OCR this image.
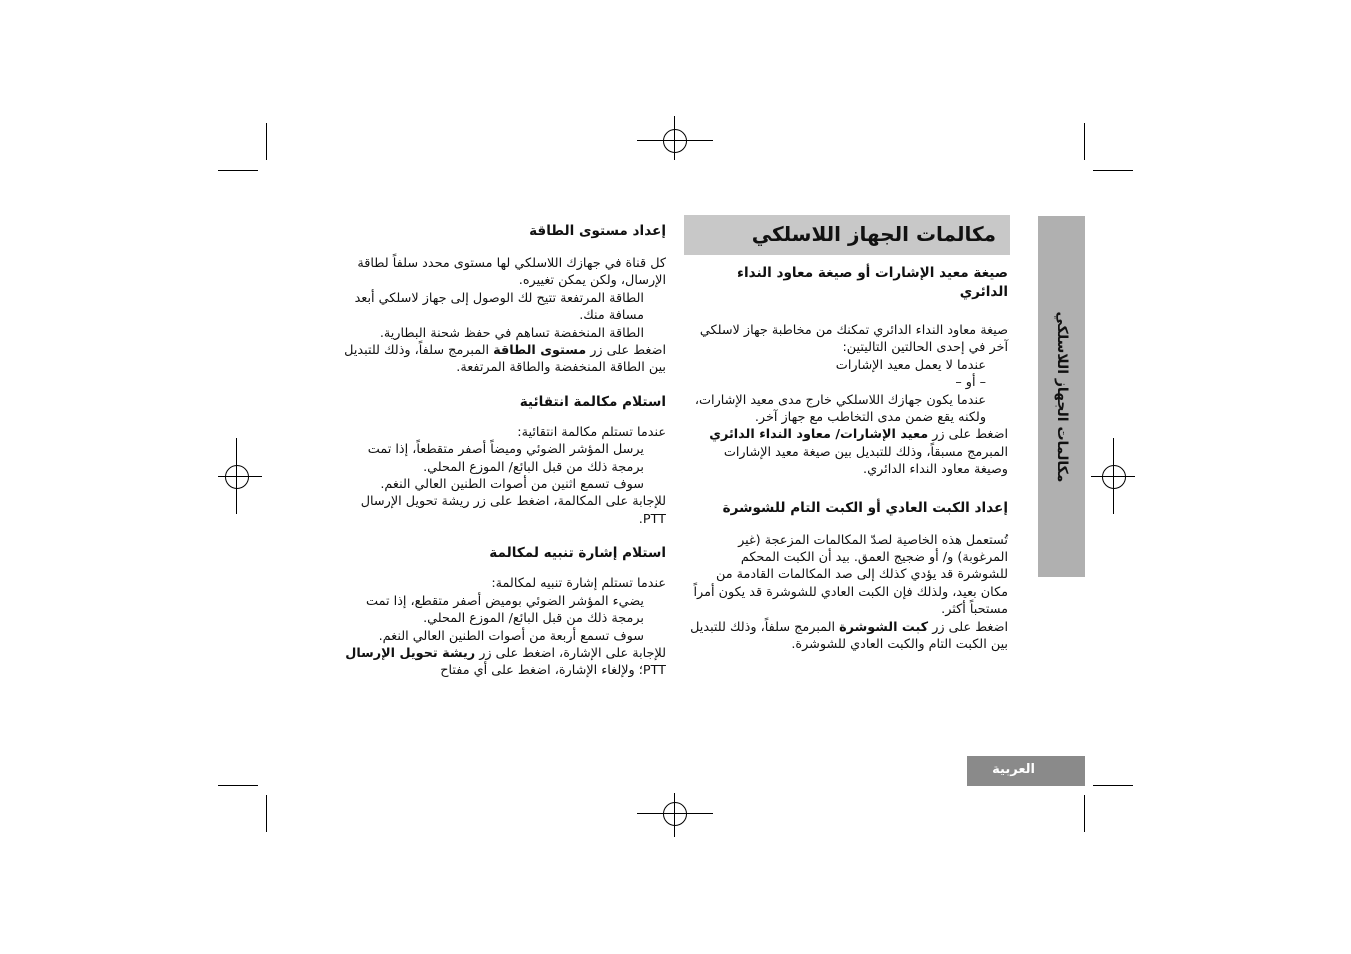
مكالمات الجهاز اللاسلكي
مكالمات الجهاز اللاسلكي
العربية
صيغة معيد الإشارات أو صيغة معاود النداء الدائري

صيغة معاود النداء الدائري تمكنك من مخاطبة جهاز لاسلكي آخر في إحدى الحالتين التاليتين:

عندما لا يعمل معيد الإشارات

– أو –

عندما يكون جهازك اللاسلكي خارج مدى معيد الإشارات، ولكنه يقع ضمن مدى التخاطب مع جهاز آخر.

اضغط على زر معيد الإشارات/ معاود النداء الدائري المبرمج مسبقاً، وذلك للتبديل بين صيغة معيد الإشارات وصيغة معاود النداء الدائري.

إعداد الكبت العادي أو الكبت التام للشوشرة

تُستعمل هذه الخاصية لصدّ المكالمات المزعجة (غير المرغوبة) و/ أو ضجيج العمق. بيد أن الكبت المحكم للشوشرة قد يؤدي كذلك إلى صد المكالمات القادمة من مكان بعيد، ولذلك فإن الكبت العادي للشوشرة قد يكون أمراً مستحباً أكثر.

اضغط على زر كبت الشوشرة المبرمج سلفاً، وذلك للتبديل بين الكبت التام والكبت العادي للشوشرة.

إعداد مستوى الطاقة

كل قناة في جهازك اللاسلكي لها مستوى محدد سلفاً لطاقة الإرسال، ولكن يمكن تغييره.

الطاقة المرتفعة تتيح لك الوصول إلى جهاز لاسلكي أبعد مسافة منك.

الطاقة المنخفضة تساهم في حفظ شحنة البطارية.

اضغط على زر مستوى الطاقة المبرمج سلفاً، وذلك للتبديل بين الطاقة المنخفضة والطاقة المرتفعة.

استلام مكالمة انتقائية

عندما تستلم مكالمة انتقائية:

يرسل المؤشر الضوئي وميضاً أصفر متقطعاً، إذا تمت برمجة ذلك من قبل البائع/ الموزع المحلي.

سوف تسمع اثنين من أصوات الطنين العالي النغم.

للإجابة على المكالمة، اضغط على زر ريشة تحويل الإرسال PTT.

استلام إشارة تنبيه لمكالمة

عندما تستلم إشارة تنبيه لمكالمة:

يضيء المؤشر الضوئي بوميض أصفر متقطع، إذا تمت برمجة ذلك من قبل البائع/ الموزع المحلي.

سوف تسمع أربعة من أصوات الطنين العالي النغم.

للإجابة على الإشارة، اضغط على زر ريشة تحويل الإرسال PTT؛ ولإلغاء الإشارة، اضغط على أي مفتاح
